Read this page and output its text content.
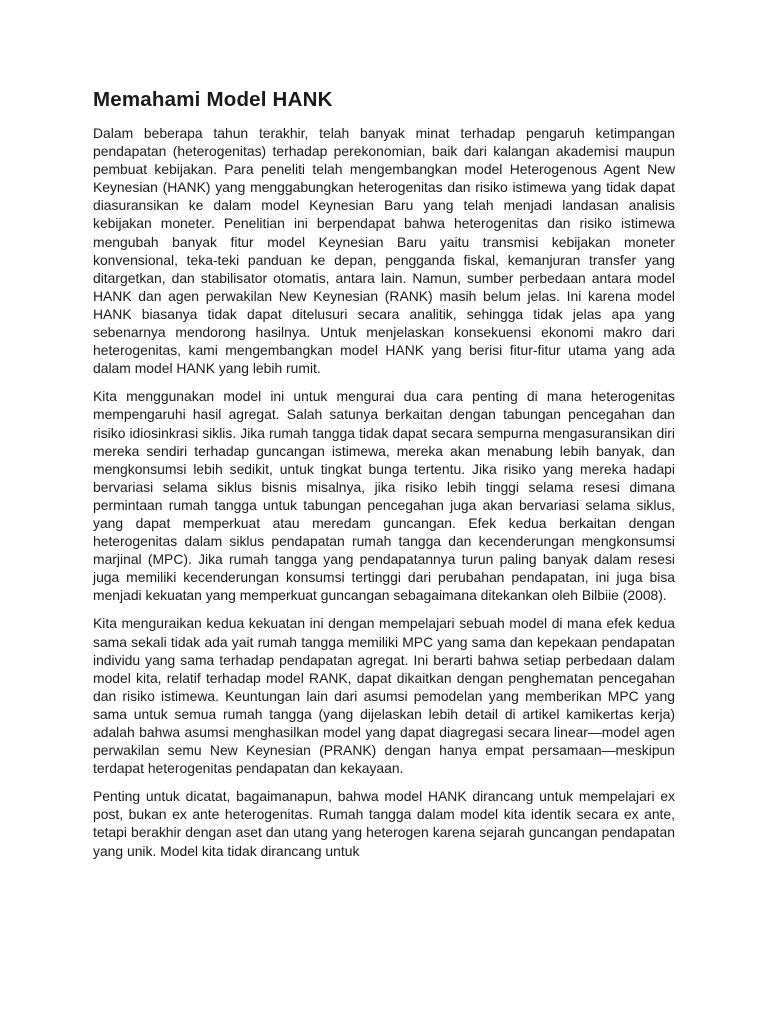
Memahami Model HANK

Dalam beberapa tahun terakhir, telah banyak minat terhadap pengaruh ketimpangan pendapatan (heterogenitas) terhadap perekonomian, baik dari kalangan akademisi maupun pembuat kebijakan. Para peneliti telah mengembangkan model Heterogenous Agent New Keynesian (HANK) yang menggabungkan heterogenitas dan risiko istimewa yang tidak dapat diasuransikan ke dalam model Keynesian Baru yang telah menjadi landasan analisis kebijakan moneter. Penelitian ini berpendapat bahwa heterogenitas dan risiko istimewa mengubah banyak fitur model Keynesian Baru yaitu transmisi kebijakan moneter konvensional, teka-teki panduan ke depan, pengganda fiskal, kemanjuran transfer yang ditargetkan, dan stabilisator otomatis, antara lain. Namun, sumber perbedaan antara model HANK dan agen perwakilan New Keynesian (RANK) masih belum jelas. Ini karena model HANK biasanya tidak dapat ditelusuri secara analitik, sehingga tidak jelas apa yang sebenarnya mendorong hasilnya. Untuk menjelaskan konsekuensi ekonomi makro dari heterogenitas, kami mengembangkan model HANK yang berisi fitur-fitur utama yang ada dalam model HANK yang lebih rumit.

Kita menggunakan model ini untuk mengurai dua cara penting di mana heterogenitas mempengaruhi hasil agregat. Salah satunya berkaitan dengan tabungan pencegahan dan risiko idiosinkrasi siklis. Jika rumah tangga tidak dapat secara sempurna mengasuransikan diri mereka sendiri terhadap guncangan istimewa, mereka akan menabung lebih banyak, dan mengkonsumsi lebih sedikit, untuk tingkat bunga tertentu. Jika risiko yang mereka hadapi bervariasi selama siklus bisnis misalnya, jika risiko lebih tinggi selama resesi dimana permintaan rumah tangga untuk tabungan pencegahan juga akan bervariasi selama siklus, yang dapat memperkuat atau meredam guncangan. Efek kedua berkaitan dengan heterogenitas dalam siklus pendapatan rumah tangga dan kecenderungan mengkonsumsi marjinal (MPC). Jika rumah tangga yang pendapatannya turun paling banyak dalam resesi juga memiliki kecenderungan konsumsi tertinggi dari perubahan pendapatan, ini juga bisa menjadi kekuatan yang memperkuat guncangan sebagaimana ditekankan oleh Bilbiie (2008).

Kita menguraikan kedua kekuatan ini dengan mempelajari sebuah model di mana efek kedua sama sekali tidak ada yait rumah tangga memiliki MPC yang sama dan kepekaan pendapatan individu yang sama terhadap pendapatan agregat. Ini berarti bahwa setiap perbedaan dalam model kita, relatif terhadap model RANK, dapat dikaitkan dengan penghematan pencegahan dan risiko istimewa. Keuntungan lain dari asumsi pemodelan yang memberikan MPC yang sama untuk semua rumah tangga (yang dijelaskan lebih detail di artikel kamikertas kerja) adalah bahwa asumsi menghasilkan model yang dapat diagregasi secara linear—model agen perwakilan semu New Keynesian (PRANK) dengan hanya empat persamaan—meskipun terdapat heterogenitas pendapatan dan kekayaan.

Penting untuk dicatat, bagaimanapun, bahwa model HANK dirancang untuk mempelajari ex post, bukan ex ante heterogenitas. Rumah tangga dalam model kita identik secara ex ante, tetapi berakhir dengan aset dan utang yang heterogen karena sejarah guncangan pendapatan yang unik. Model kita tidak dirancang untuk
